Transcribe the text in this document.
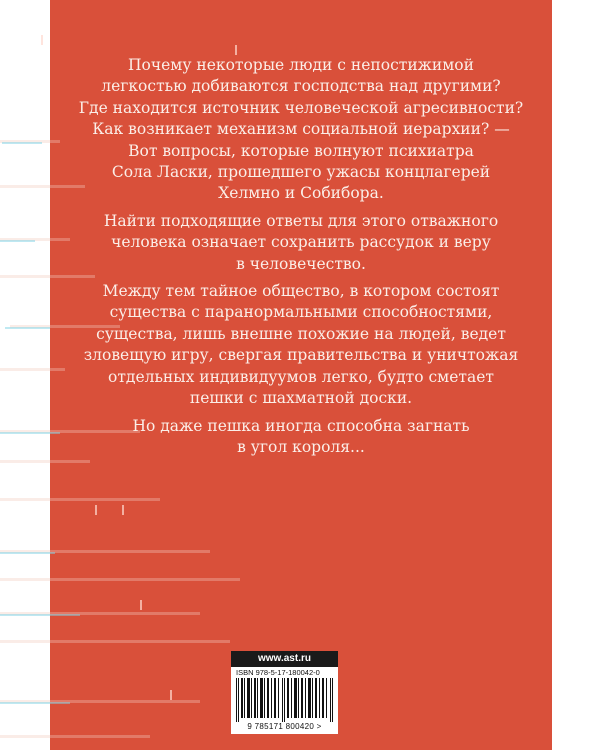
Почему некоторые люди с непостижимой
легкостью добиваются господства над другими?
Где находится источник человеческой агресивности?
Как возникает механизм социальной иерархии? —
Вот вопросы, которые волнуют психиатра
Сола Ласки, прошедшего ужасы концлагерей
Хелмно и Собибора.

Найти подходящие ответы для этого отважного
человека означает сохранить рассудок и веру
в человечество.

Между тем тайное общество, в котором состоят
существа с паранормальными способностями,
существа, лишь внешне похожие на людей, ведет
зловещую игру, свергая правительства и уничтожая
отдельных индивидуумов легко, будто сметает
пешки с шахматной доски.

Но даже пешка иногда способна загнать
в угол короля...

www.ast.ru
ISBN 978-5-17-180042-0
9 785171 800420 >
